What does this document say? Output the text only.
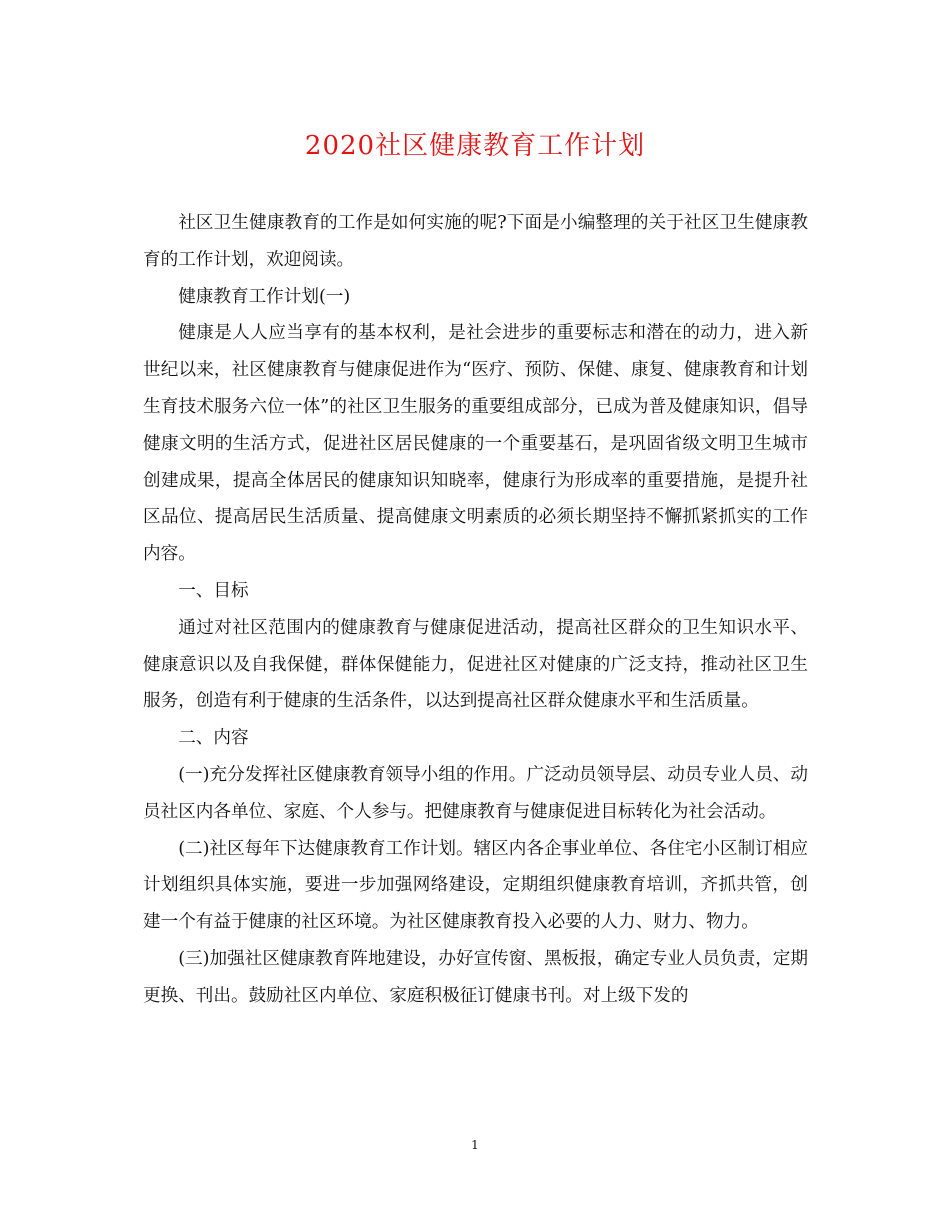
2020社区健康教育工作计划

社区卫生健康教育的工作是如何实施的呢?下面是小编整理的关于社区卫生健康教育的工作计划，欢迎阅读。

健康教育工作计划(一)

健康是人人应当享有的基本权利，是社会进步的重要标志和潜在的动力，进入新世纪以来，社区健康教育与健康促进作为“医疗、预防、保健、康复、健康教育和计划生育技术服务六位一体”的社区卫生服务的重要组成部分，已成为普及健康知识，倡导健康文明的生活方式，促进社区居民健康的一个重要基石，是巩固省级文明卫生城市创建成果，提高全体居民的健康知识知晓率，健康行为形成率的重要措施，是提升社区品位、提高居民生活质量、提高健康文明素质的必须长期坚持不懈抓紧抓实的工作内容。

一、目标

通过对社区范围内的健康教育与健康促进活动，提高社区群众的卫生知识水平、健康意识以及自我保健，群体保健能力，促进社区对健康的广泛支持，推动社区卫生服务，创造有利于健康的生活条件，以达到提高社区群众健康水平和生活质量。

二、内容

(一)充分发挥社区健康教育领导小组的作用。广泛动员领导层、动员专业人员、动员社区内各单位、家庭、个人参与。把健康教育与健康促进目标转化为社会活动。

(二)社区每年下达健康教育工作计划。辖区内各企事业单位、各住宅小区制订相应计划组织具体实施，要进一步加强网络建设，定期组织健康教育培训，齐抓共管，创建一个有益于健康的社区环境。为社区健康教育投入必要的人力、财力、物力。

(三)加强社区健康教育阵地建设，办好宣传窗、黑板报，确定专业人员负责，定期更换、刊出。鼓励社区内单位、家庭积极征订健康书刊。对上级下发的

1
